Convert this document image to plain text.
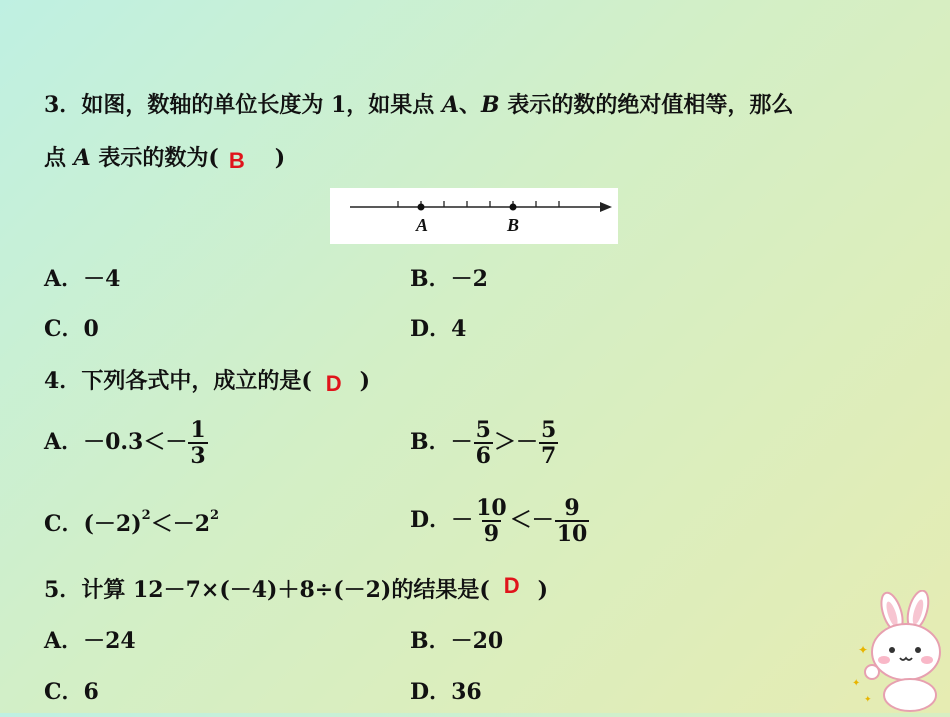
3．如图，数轴的单位长度为 1，如果点 A、B 表示的数的绝对值相等，那么
点 A 表示的数为( B )
A	B
A．－4	B．－2
C．0	D．4
4．下列各式中，成立的是( D )
A．$-0.3<- \frac{1}{3}$	B．－ $\frac{5}{6} >- \frac{5}{7}$
C．$(-2)^2<-2^2$	D．－ $\frac{10}{9} <- \frac{9}{10}$
5．计算 12－7×(－4)＋8÷(－2)的结果是( D )
A．－24	B．－20
C．6	D．36
✦
✦
✦
